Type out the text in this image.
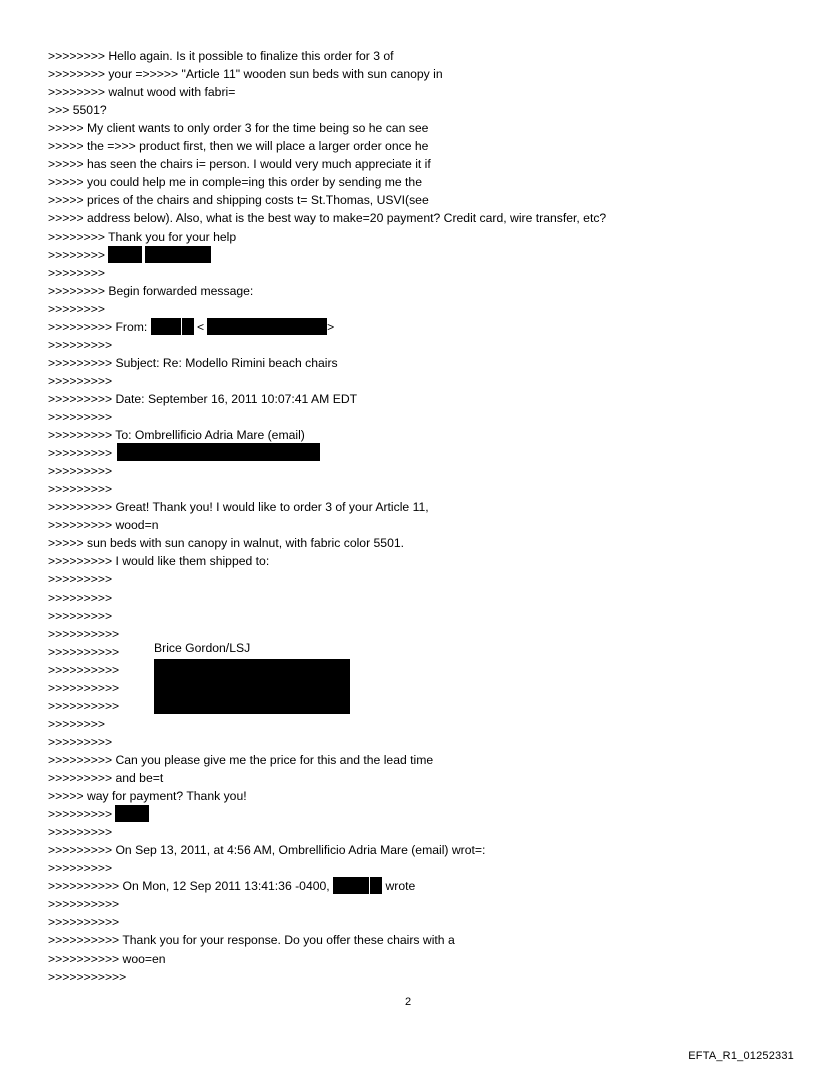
>>>>>>>> Hello again. Is it possible to finalize this order for 3 of
>>>>>>>> your =>>>>> "Article 11" wooden sun beds with sun canopy in
>>>>>>>> walnut wood with fabri=
>>> 5501?
>>>>> My client wants to only order 3 for the time being so he can see
>>>>> the =>>> product first, then we will place a larger order once he
>>>>> has seen the chairs i= person. I would very much appreciate it if
>>>>> you could help me in comple=ing this order by sending me the
>>>>> prices of the chairs and shipping costs t= St.Thomas, USVI(see
>>>>> address below). Also, what is the best way to make=20 payment? Credit card, wire transfer, etc?
>>>>>>>> Thank you for your help
>>>>>>>>
>>>>>>>>
>>>>>>>> Begin forwarded message:
>>>>>>>>
>>>>>>>>> From:	<	>
>>>>>>>>>
>>>>>>>>> Subject: Re: Modello Rimini beach chairs
>>>>>>>>>
>>>>>>>>> Date: September 16, 2011 10:07:41 AM EDT
>>>>>>>>>
>>>>>>>>> To: Ombrellificio Adria Mare (email)
>>>>>>>>>
>>>>>>>>>
>>>>>>>>>
>>>>>>>>> Great! Thank you! I would like to order 3 of your Article 11,
>>>>>>>>> wood=n
>>>>> sun beds with sun canopy in walnut, with fabric color 5501.
>>>>>>>>> I would like them shipped to:
>>>>>>>>>
>>>>>>>>>
>>>>>>>>>
>>>>>>>>>>
>>>>>>>>>>
>>>>>>>>>>
>>>>>>>>>>
>>>>>>>>>>
>>>>>>>>
>>>>>>>>>
>>>>>>>>> Can you please give me the price for this and the lead time
>>>>>>>>> and be=t
>>>>> way for payment? Thank you!
>>>>>>>>>
>>>>>>>>>
>>>>>>>>> On Sep 13, 2011, at 4:56 AM, Ombrellificio Adria Mare (email) wrot=:
>>>>>>>>>
>>>>>>>>>> On Mon, 12 Sep 2011 13:41:36 -0400,	wrote
>>>>>>>>>>
>>>>>>>>>>
>>>>>>>>>> Thank you for your response. Do you offer these chairs with a
>>>>>>>>>> woo=en
>>>>>>>>>>>
Brice Gordon/LSJ
2
EFTA_R1_01252331
